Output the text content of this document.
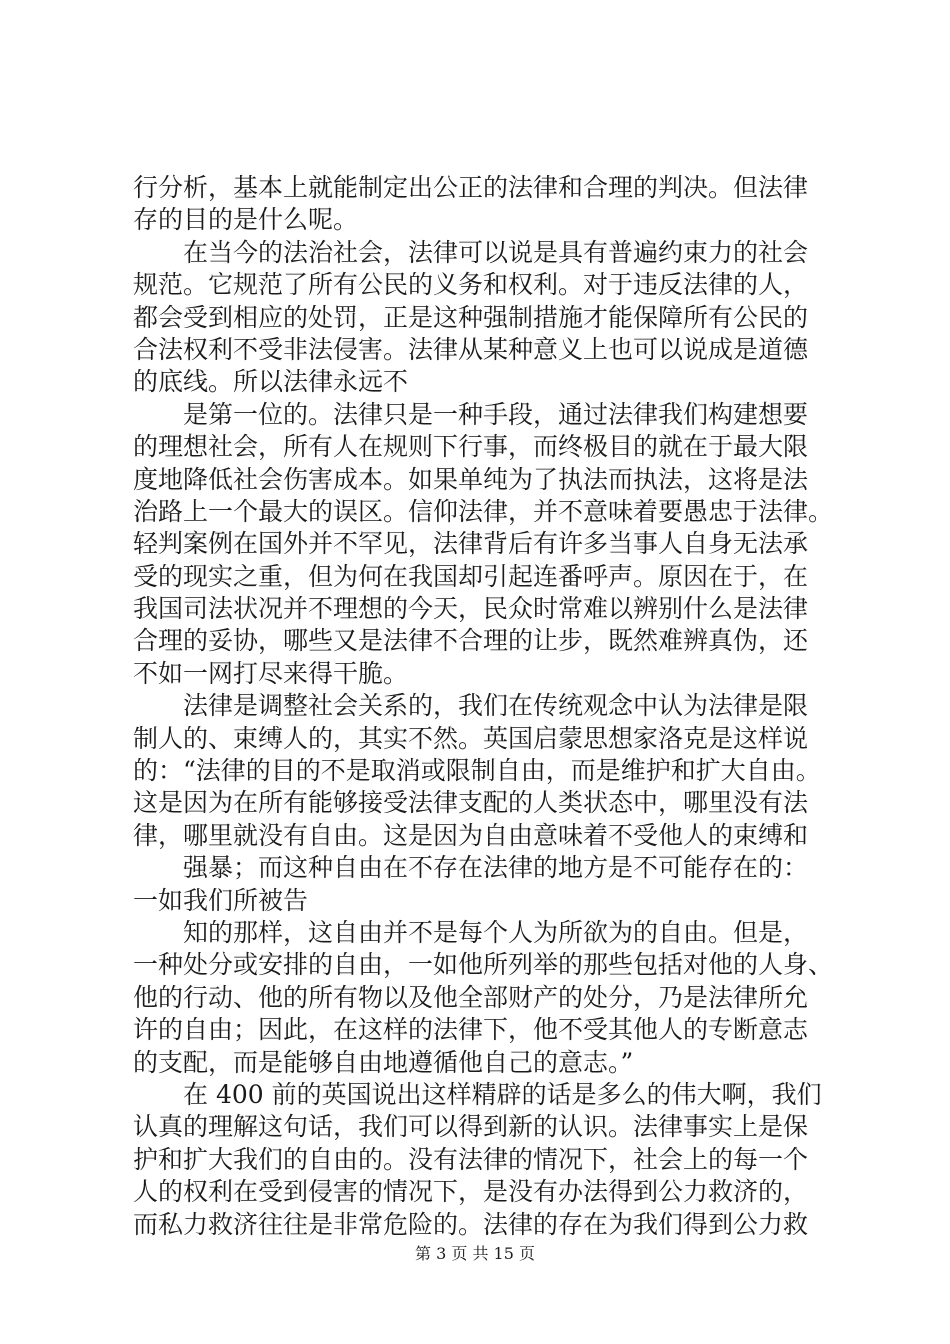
行分析，基本上就能制定出公正的法律和合理的判决。但法律
存的目的是什么呢。
在当今的法治社会，法律可以说是具有普遍约束力的社会
规范。它规范了所有公民的义务和权利。对于违反法律的人，
都会受到相应的处罚，正是这种强制措施才能保障所有公民的
合法权利不受非法侵害。法律从某种意义上也可以说成是道德
的底线。所以法律永远不
是第一位的。法律只是一种手段，通过法律我们构建想要
的理想社会，所有人在规则下行事，而终极目的就在于最大限
度地降低社会伤害成本。如果单纯为了执法而执法，这将是法
治路上一个最大的误区。信仰法律，并不意味着要愚忠于法律。
轻判案例在国外并不罕见，法律背后有许多当事人自身无法承
受的现实之重，但为何在我国却引起连番呼声。原因在于，在
我国司法状况并不理想的今天，民众时常难以辨别什么是法律
合理的妥协，哪些又是法律不合理的让步，既然难辨真伪，还
不如一网打尽来得干脆。
法律是调整社会关系的，我们在传统观念中认为法律是限
制人的、束缚人的，其实不然。英国启蒙思想家洛克是这样说
的：“法律的目的不是取消或限制自由，而是维护和扩大自由。
这是因为在所有能够接受法律支配的人类状态中，哪里没有法
律，哪里就没有自由。这是因为自由意味着不受他人的束缚和
强暴；而这种自由在不存在法律的地方是不可能存在的：
一如我们所被告
知的那样，这自由并不是每个人为所欲为的自由。但是，
一种处分或安排的自由，一如他所列举的那些包括对他的人身、
他的行动、他的所有物以及他全部财产的处分，乃是法律所允
许的自由；因此，在这样的法律下，他不受其他人的专断意志
的支配，而是能够自由地遵循他自己的意志。”
在 400 前的英国说出这样精辟的话是多么的伟大啊，我们
认真的理解这句话，我们可以得到新的认识。法律事实上是保
护和扩大我们的自由的。没有法律的情况下，社会上的每一个
人的权利在受到侵害的情况下，是没有办法得到公力救济的，
而私力救济往往是非常危险的。法律的存在为我们得到公力救
第 3 页 共 15 页
